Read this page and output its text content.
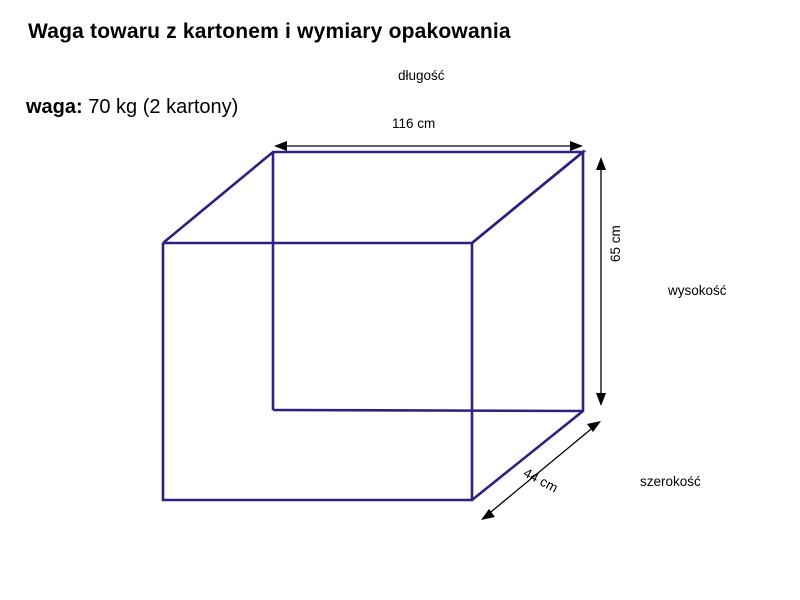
Waga towaru z kartonem i wymiary opakowania
waga: 70 kg (2 kartony)
długość
wysokość
szerokość
116 cm
65 cm
44 cm
